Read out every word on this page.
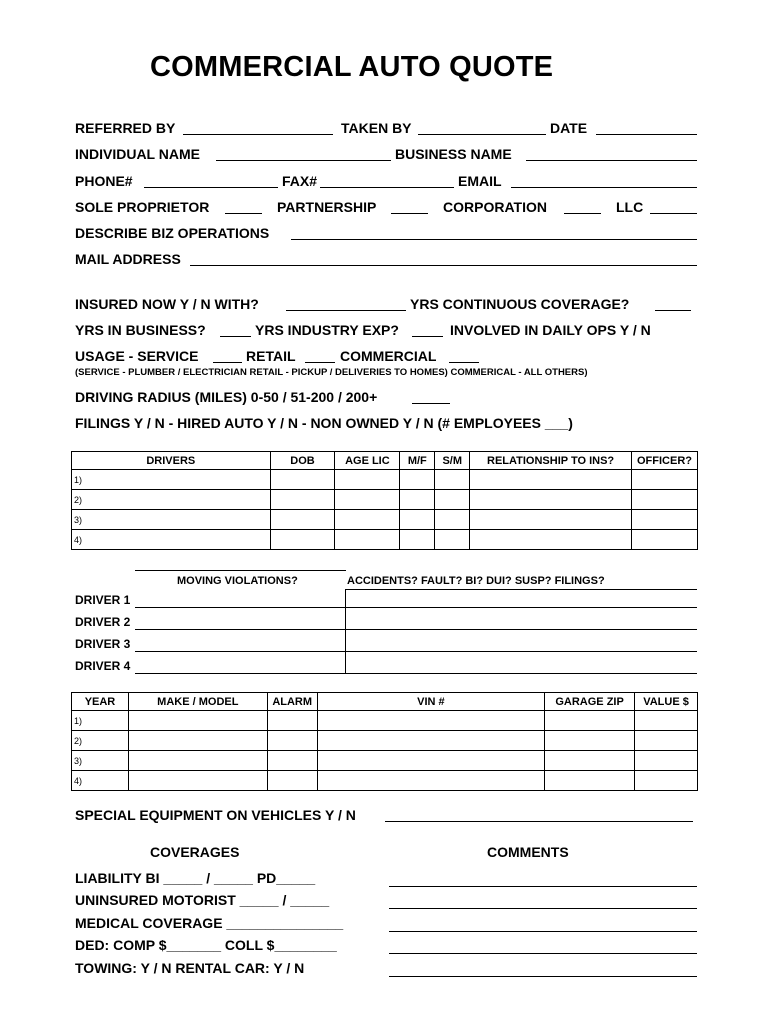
COMMERCIAL AUTO QUOTE
REFERRED BY	TAKEN BY	DATE
INDIVIDUAL NAME	BUSINESS NAME
PHONE#	FAX#	EMAIL
SOLE PROPRIETOR	PARTNERSHIP	CORPORATION	LLC
DESCRIBE BIZ OPERATIONS
MAIL ADDRESS
INSURED NOW Y / N WITH?	YRS CONTINUOUS COVERAGE?
YRS IN BUSINESS?	YRS INDUSTRY EXP?	INVOLVED IN DAILY OPS Y / N
USAGE - SERVICE	RETAIL	COMMERCIAL
(SERVICE - PLUMBER / ELECTRICIAN RETAIL - PICKUP / DELIVERIES TO HOMES) COMMERICAL - ALL OTHERS)
DRIVING RADIUS (MILES) 0-50 / 51-200 / 200+
FILINGS Y / N - HIRED AUTO Y / N - NON OWNED Y / N (# EMPLOYEES ___)
DRIVERS	DOB	AGE LIC	M/F	S/M	RELATIONSHIP TO INS?	OFFICER?
1)						
2)						
3)						
4)						
MOVING VIOLATIONS?	ACCIDENTS? FAULT? BI? DUI? SUSP? FILINGS?
DRIVER 1
DRIVER 2
DRIVER 3
DRIVER 4
YEAR	MAKE / MODEL	ALARM	VIN #	GARAGE ZIP	VALUE $
1)					
2)					
3)					
4)					
SPECIAL EQUIPMENT ON VEHICLES Y / N
COVERAGES	COMMENTS
LIABILITY BI _____ / _____ PD_____
UNINSURED MOTORIST _____ / _____
MEDICAL COVERAGE _______________
DED: COMP $_______ COLL $________
TOWING: Y / N RENTAL CAR: Y / N
